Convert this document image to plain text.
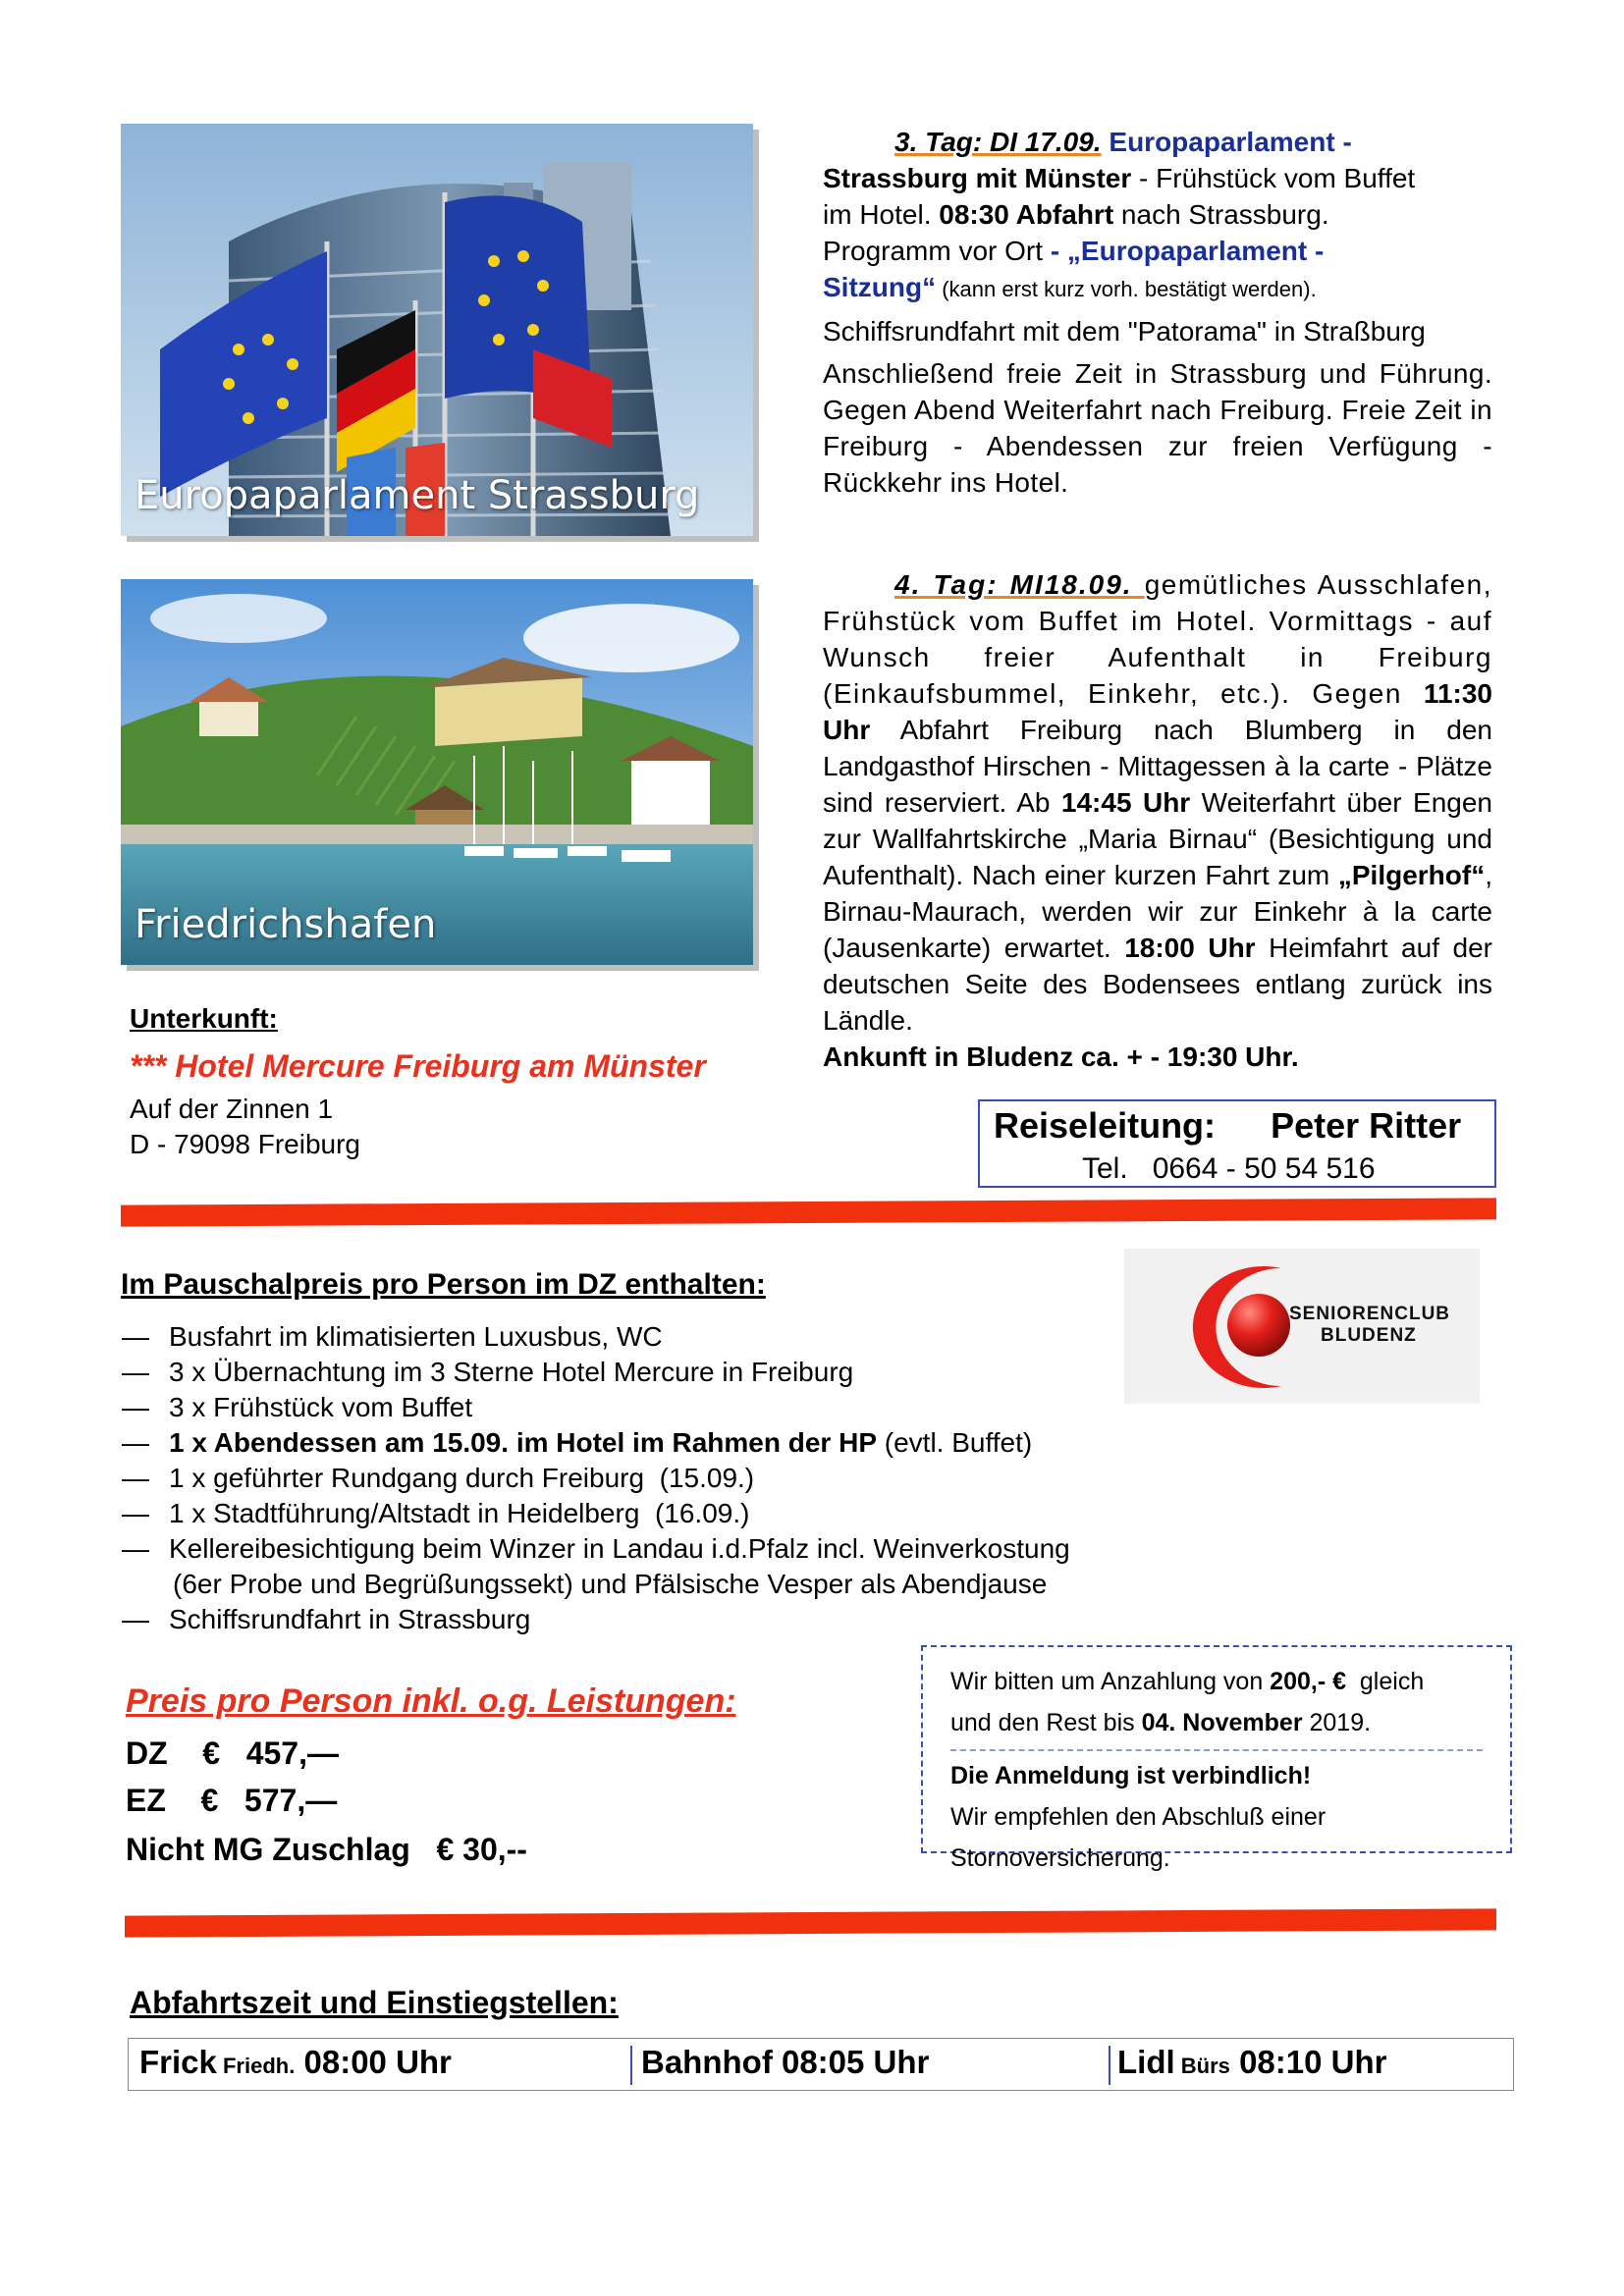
Europaparlament Strassburg
Friedrichshafen
3. Tag: DI 17.09. Europaparlament -
Strassburg mit Münster - Frühstück vom Buffet
im Hotel. 08:30 Abfahrt nach Strassburg.
Programm vor Ort - „Europaparlament -
Sitzung“ (kann erst kurz vorh. bestätigt werden).
Schiffsrundfahrt mit dem "Patorama" in Straßburg
Anschließend freie Zeit in Strassburg und Führung. Gegen Abend Weiterfahrt nach Freiburg. Freie Zeit in Freiburg - Abendessen zur freien Verfügung - Rückkehr ins Hotel.
4. Tag: MI18.09. gemütliches Ausschlafen, Frühstück vom Buffet im Hotel. Vormittags - auf Wunsch freier Aufenthalt in Freiburg (Einkaufsbummel, Einkehr, etc.). Gegen 11:30 Uhr Abfahrt Freiburg nach Blumberg in den Landgasthof Hirschen - Mittagessen à la carte - Plätze sind reserviert. Ab 14:45 Uhr Weiterfahrt über Engen zur Wallfahrtskirche „Maria Birnau“ (Besichtigung und Aufenthalt). Nach einer kurzen Fahrt zum „Pilgerhof“, Birnau-Maurach, werden wir zur Einkehr à la carte (Jausenkarte) erwartet. 18:00 Uhr Heimfahrt auf der deutschen Seite des Bodensees entlang zurück ins Ländle.
Ankunft in Bludenz ca. + - 19:30 Uhr.
Unterkunft:
*** Hotel Mercure Freiburg am Münster
Auf der Zinnen 1
D - 79098 Freiburg	Reiseleitung: Peter Ritter
Tel.   0664 - 50 54 516
Im Pauschalpreis pro Person im DZ enthalten:
— Busfahrt im klimatisierten Luxusbus, WC
— 3 x Übernachtung im 3 Sterne Hotel Mercure in Freiburg
— 3 x Frühstück vom Buffet
— 1 x Abendessen am 15.09. im Hotel im Rahmen der HP (evtl. Buffet)
— 1 x geführter Rundgang durch Freiburg  (15.09.)
— 1 x Stadtführung/Altstadt in Heidelberg  (16.09.)
— Kellereibesichtigung beim Winzer in Landau i.d.Pfalz incl. Weinverkostung
(6er Probe und Begrüßungssekt) und Pfälsische Vesper als Abendjause
— Schiffsrundfahrt in Strassburg
SENIORENCLUB
BLUDENZ
Preis pro Person inkl. o.g. Leistungen:
DZ    €   457,—
EZ    €   577,—
Nicht MG Zuschlag   € 30,--
Wir bitten um Anzahlung von 200,- €  gleich
und den Rest bis 04. November 2019.
Die Anmeldung ist verbindlich!
Wir empfehlen den Abschluß einer
Stornoversicherung.
Abfahrtszeit und Einstiegstellen:
Frick Friedh. 08:00 Uhr	Bahnhof 08:05 Uhr	Lidl Bürs 08:10 Uhr
